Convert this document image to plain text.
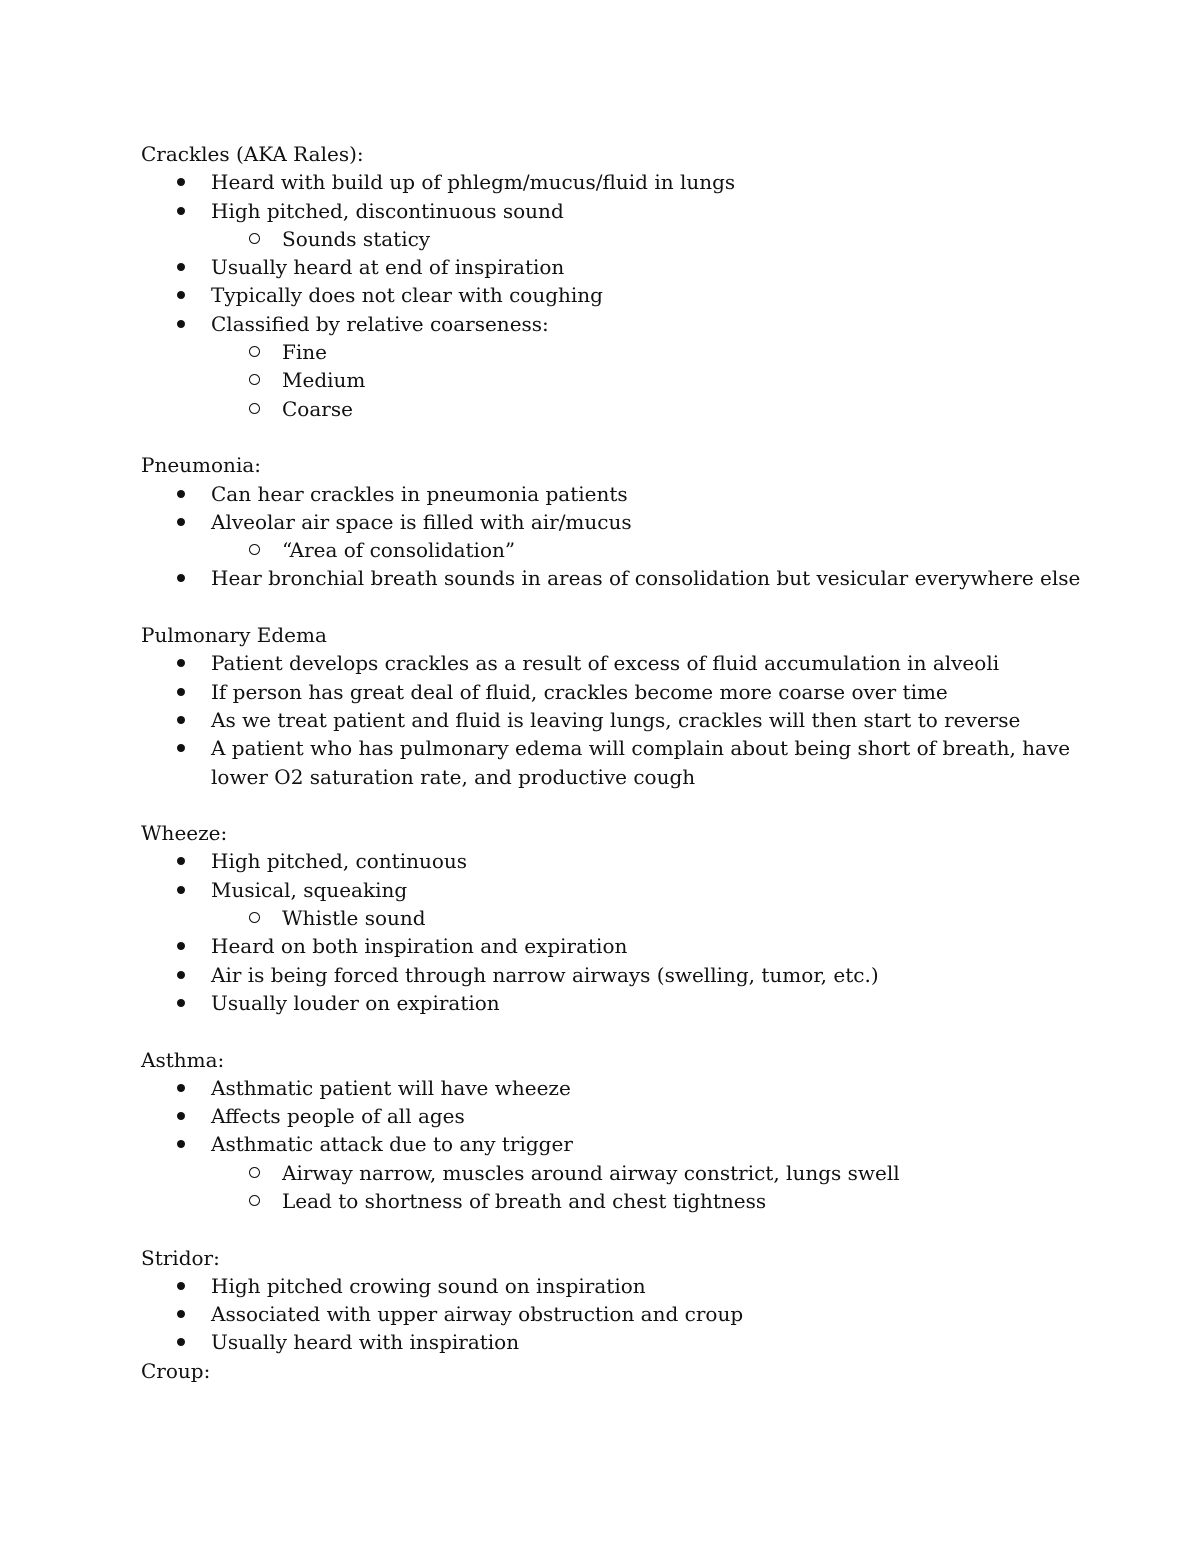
Crackles (AKA Rales):

Heard with build up of phlegm/mucus/fluid in lungs
High pitched, discontinuous sound
Sounds staticy
Usually heard at end of inspiration
Typically does not clear with coughing
Classified by relative coarseness:
Fine
Medium
Coarse

Pneumonia:

Can hear crackles in pneumonia patients
Alveolar air space is filled with air/mucus
“Area of consolidation”
Hear bronchial breath sounds in areas of consolidation but vesicular everywhere else

Pulmonary Edema

Patient develops crackles as a result of excess of fluid accumulation in alveoli
If person has great deal of fluid, crackles become more coarse over time
As we treat patient and fluid is leaving lungs, crackles will then start to reverse
A patient who has pulmonary edema will complain about being short of breath, have lower O2 saturation rate, and productive cough

Wheeze:

High pitched, continuous
Musical, squeaking
Whistle sound
Heard on both inspiration and expiration
Air is being forced through narrow airways (swelling, tumor, etc.)
Usually louder on expiration

Asthma:

Asthmatic patient will have wheeze
Affects people of all ages
Asthmatic attack due to any trigger
Airway narrow, muscles around airway constrict, lungs swell
Lead to shortness of breath and chest tightness

Stridor:

High pitched crowing sound on inspiration
Associated with upper airway obstruction and croup
Usually heard with inspiration

Croup:
